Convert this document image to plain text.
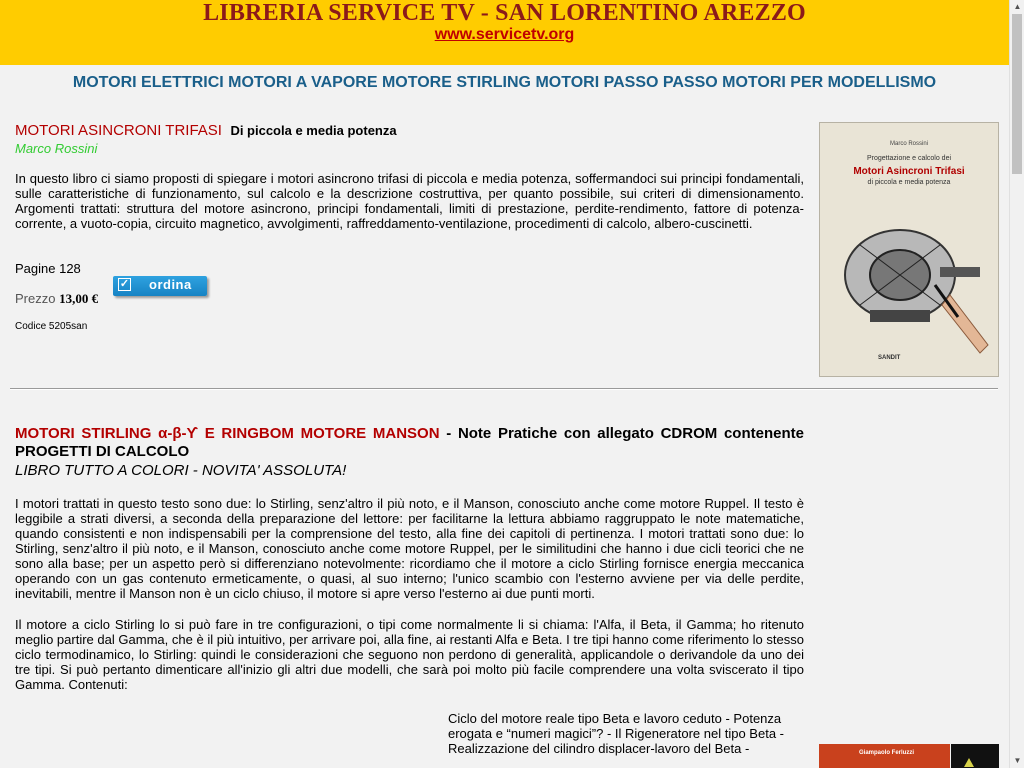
LIBRERIA SERVICE TV - SAN LORENTINO AREZZO
www.servicetv.org
MOTORI ELETTRICI MOTORI A VAPORE MOTORE STIRLING MOTORI PASSO PASSO MOTORI PER MODELLISMO
MOTORI ASINCRONI TRIFASI Di piccola e media potenza
Marco Rossini

In questo libro ci siamo proposti di spiegare i motori asincrono trifasi di piccola e media potenza, soffermandoci sui principi fondamentali, sulle caratteristiche di funzionamento, sul calcolo e la descrizione costruttiva, per quanto possibile, sui criteri di dimensionamento. Argomenti trattati: struttura del motore asincrono, principi fondamentali, limiti di prestazione, perdite-rendimento, fattore di potenza-corrente, a vuoto-copia, circuito magnetico, avvolgimenti, raffreddamento-ventilazione, procedimenti di calcolo, albero-cuscinetti.

Pagine 128
Prezzo 13,00 €
Codice 5205san
✓ ordina
Marco Rossini
Progettazione e calcolo dei
Motori Asincroni Trifasi
di piccola e media potenza
SANDIT
MOTORI STIRLING α-β-ϒ E RINGBOM MOTORE MANSON - Note Pratiche con allegato CDROM contenente PROGETTI DI CALCOLO
LIBRO TUTTO A COLORI - NOVITA' ASSOLUTA!

I motori trattati in questo testo sono due: lo Stirling, senz'altro il più noto, e il Manson, conosciuto anche come motore Ruppel. Il testo è leggibile a strati diversi, a seconda della preparazione del lettore: per facilitarne la lettura abbiamo raggruppato le note matematiche, quando consistenti e non indispensabili per la comprensione del testo, alla fine dei capitoli di pertinenza. I motori trattati sono due: lo Stirling, senz'altro il più noto, e il Manson, conosciuto anche come motore Ruppel, per le similitudini che hanno i due cicli teorici che ne sono alla base; per un aspetto però si differenziano notevolmente: ricordiamo che il motore a ciclo Stirling fornisce energia meccanica operando con un gas contenuto ermeticamente, o quasi, al suo interno; l'unico scambio con l'esterno avviene per via delle perdite, inevitabili, mentre il Manson non è un ciclo chiuso, il motore si apre verso l'esterno ai due punti morti.

Il motore a ciclo Stirling lo si può fare in tre configurazioni, o tipi come normalmente li si chiama: l'Alfa, il Beta, il Gamma; ho ritenuto meglio partire dal Gamma, che è il più intuitivo, per arrivare poi, alla fine, ai restanti Alfa e Beta. I tre tipi hanno come riferimento lo stesso ciclo termodinamico, lo Stirling: quindi le considerazioni che seguono non perdono di generalità, applicandole o derivandole da uno dei tre tipi. Si può pertanto dimenticare all'inizio gli altri due modelli, che sarà poi molto più facile comprendere una volta sviscerato il tipo Gamma. Contenuti:

Ciclo del motore reale tipo Beta e lavoro ceduto - Potenza erogata e “numeri magici”? - Il Rigeneratore nel tipo Beta - Realizzazione del cilindro displacer-lavoro del Beta -	Giampaolo Ferluzzi
▲
▼
